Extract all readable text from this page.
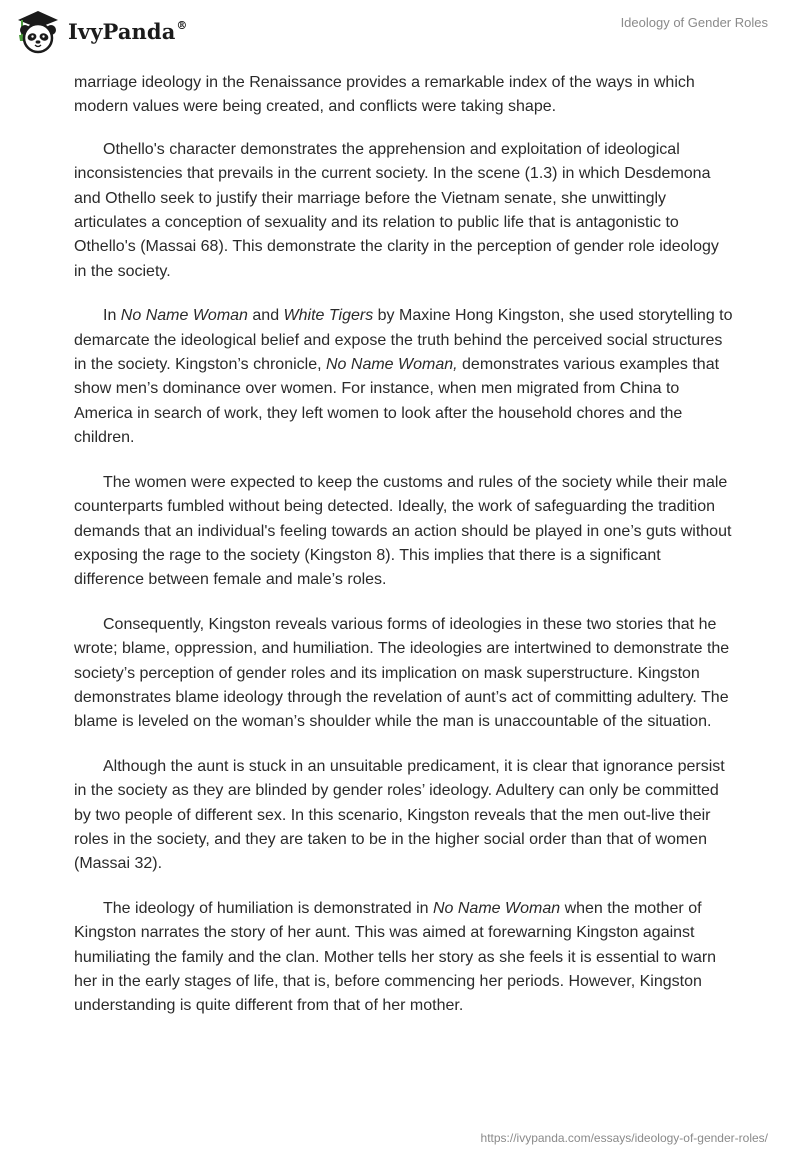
IvyPanda®	Ideology of Gender Roles

marriage ideology in the Renaissance provides a remarkable index of the ways in which modern values were being created, and conflicts were taking shape.

Othello's character demonstrates the apprehension and exploitation of ideological inconsistencies that prevails in the current society. In the scene (1.3) in which Desdemona and Othello seek to justify their marriage before the Vietnam senate, she unwittingly articulates a conception of sexuality and its relation to public life that is antagonistic to Othello's (Massai 68). This demonstrate the clarity in the perception of gender role ideology in the society.

In No Name Woman and White Tigers by Maxine Hong Kingston, she used storytelling to demarcate the ideological belief and expose the truth behind the perceived social structures in the society. Kingston’s chronicle, No Name Woman, demonstrates various examples that show men’s dominance over women. For instance, when men migrated from China to America in search of work, they left women to look after the household chores and the children.

The women were expected to keep the customs and rules of the society while their male counterparts fumbled without being detected. Ideally, the work of safeguarding the tradition demands that an individual's feeling towards an action should be played in one’s guts without exposing the rage to the society (Kingston 8). This implies that there is a significant difference between female and male’s roles.

Consequently, Kingston reveals various forms of ideologies in these two stories that he wrote; blame, oppression, and humiliation. The ideologies are intertwined to demonstrate the society’s perception of gender roles and its implication on mask superstructure. Kingston demonstrates blame ideology through the revelation of aunt’s act of committing adultery. The blame is leveled on the woman’s shoulder while the man is unaccountable of the situation.

Although the aunt is stuck in an unsuitable predicament, it is clear that ignorance persist in the society as they are blinded by gender roles’ ideology. Adultery can only be committed by two people of different sex. In this scenario, Kingston reveals that the men out-live their roles in the society, and they are taken to be in the higher social order than that of women (Massai 32).

The ideology of humiliation is demonstrated in No Name Woman when the mother of Kingston narrates the story of her aunt. This was aimed at forewarning Kingston against humiliating the family and the clan. Mother tells her story as she feels it is essential to warn her in the early stages of life, that is, before commencing her periods. However, Kingston understanding is quite different from that of her mother.

https://ivypanda.com/essays/ideology-of-gender-roles/
